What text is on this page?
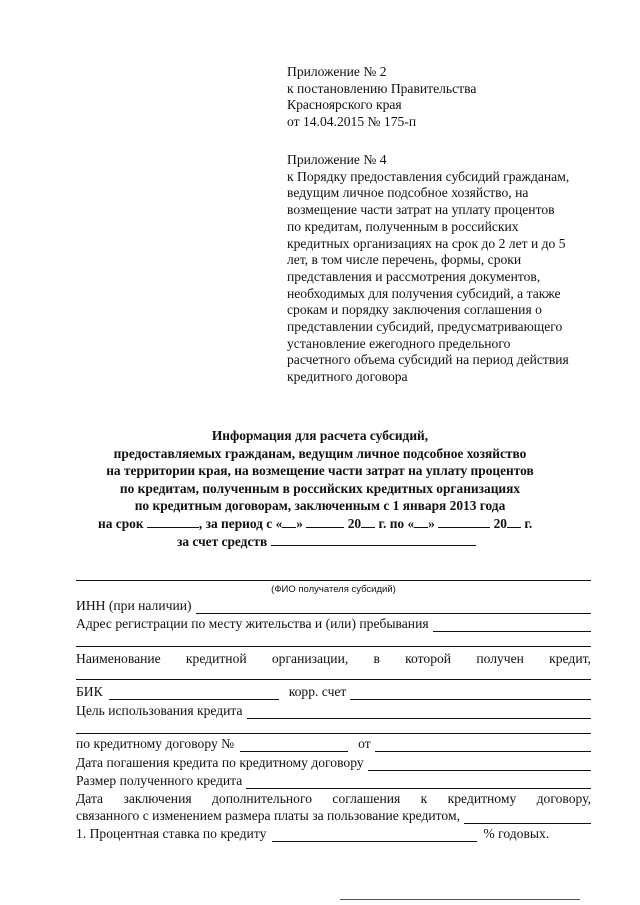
Приложение № 2
к постановлению Правительства
Красноярского края
от 14.04.2015 № 175-п
Приложение № 4
к Порядку предоставления субсидий гражданам,
ведущим личное подсобное хозяйство, на
возмещение части затрат на уплату процентов
по кредитам, полученным в российских
кредитных организациях на срок до 2 лет и до 5
лет, в том числе перечень, формы, сроки
представления и рассмотрения документов,
необходимых для получения субсидий, а также
срокам и порядку заключения соглашения о
представлении субсидий, предусматривающего
установление ежегодного предельного
расчетного объема субсидий на период действия
кредитного договора
Информация для расчета субсидий,
предоставляемых гражданам, ведущим личное подсобное хозяйство
на территории края, на возмещение части затрат на уплату процентов
по кредитам, полученным в российских кредитных организациях
по кредитным договорам, заключенным с 1 января 2013 года
на срок	, за период с « »	20 г. по « »	20 г.
за счет средств
(ФИО получателя субсидий)
ИНН (при наличии)
Адрес регистрации по месту жительства и (или) пребывания
Наименование кредитной организации, в которой получен кредит,
БИК	корр. счет
Цель использования кредита
по кредитному договору №	от
Дата погашения кредита по кредитному договору
Размер полученного кредита
Дата заключения дополнительного соглашения к кредитному договору,
связанного с изменением размера платы за пользование кредитом,
1. Процентная ставка по кредиту	% годовых.
